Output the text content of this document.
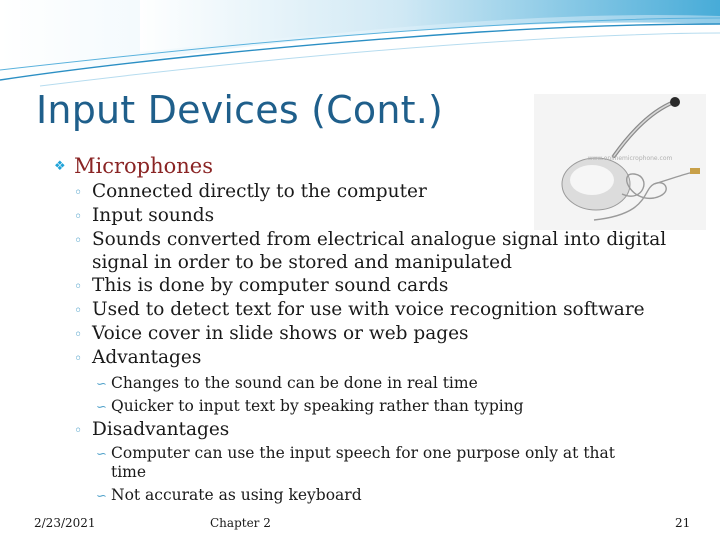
Input Devices (Cont.)
www.onlinemicrophone.com
❖ Microphones
◦ Connected directly to the computer
◦ Input sounds
◦ Sounds converted from electrical analogue signal into digital
signal in order to be stored and manipulated
◦ This is done by computer sound cards
◦ Used to detect text for use with voice recognition software
◦ Voice cover in slide shows or web pages
◦ Advantages
∽ Changes to the sound can be done in real time
∽ Quicker to input text by speaking rather than typing
◦ Disadvantages
∽ Computer can use the input speech for one purpose only at that
time
∽ Not accurate as using keyboard
2/23/2021	Chapter 2	21
